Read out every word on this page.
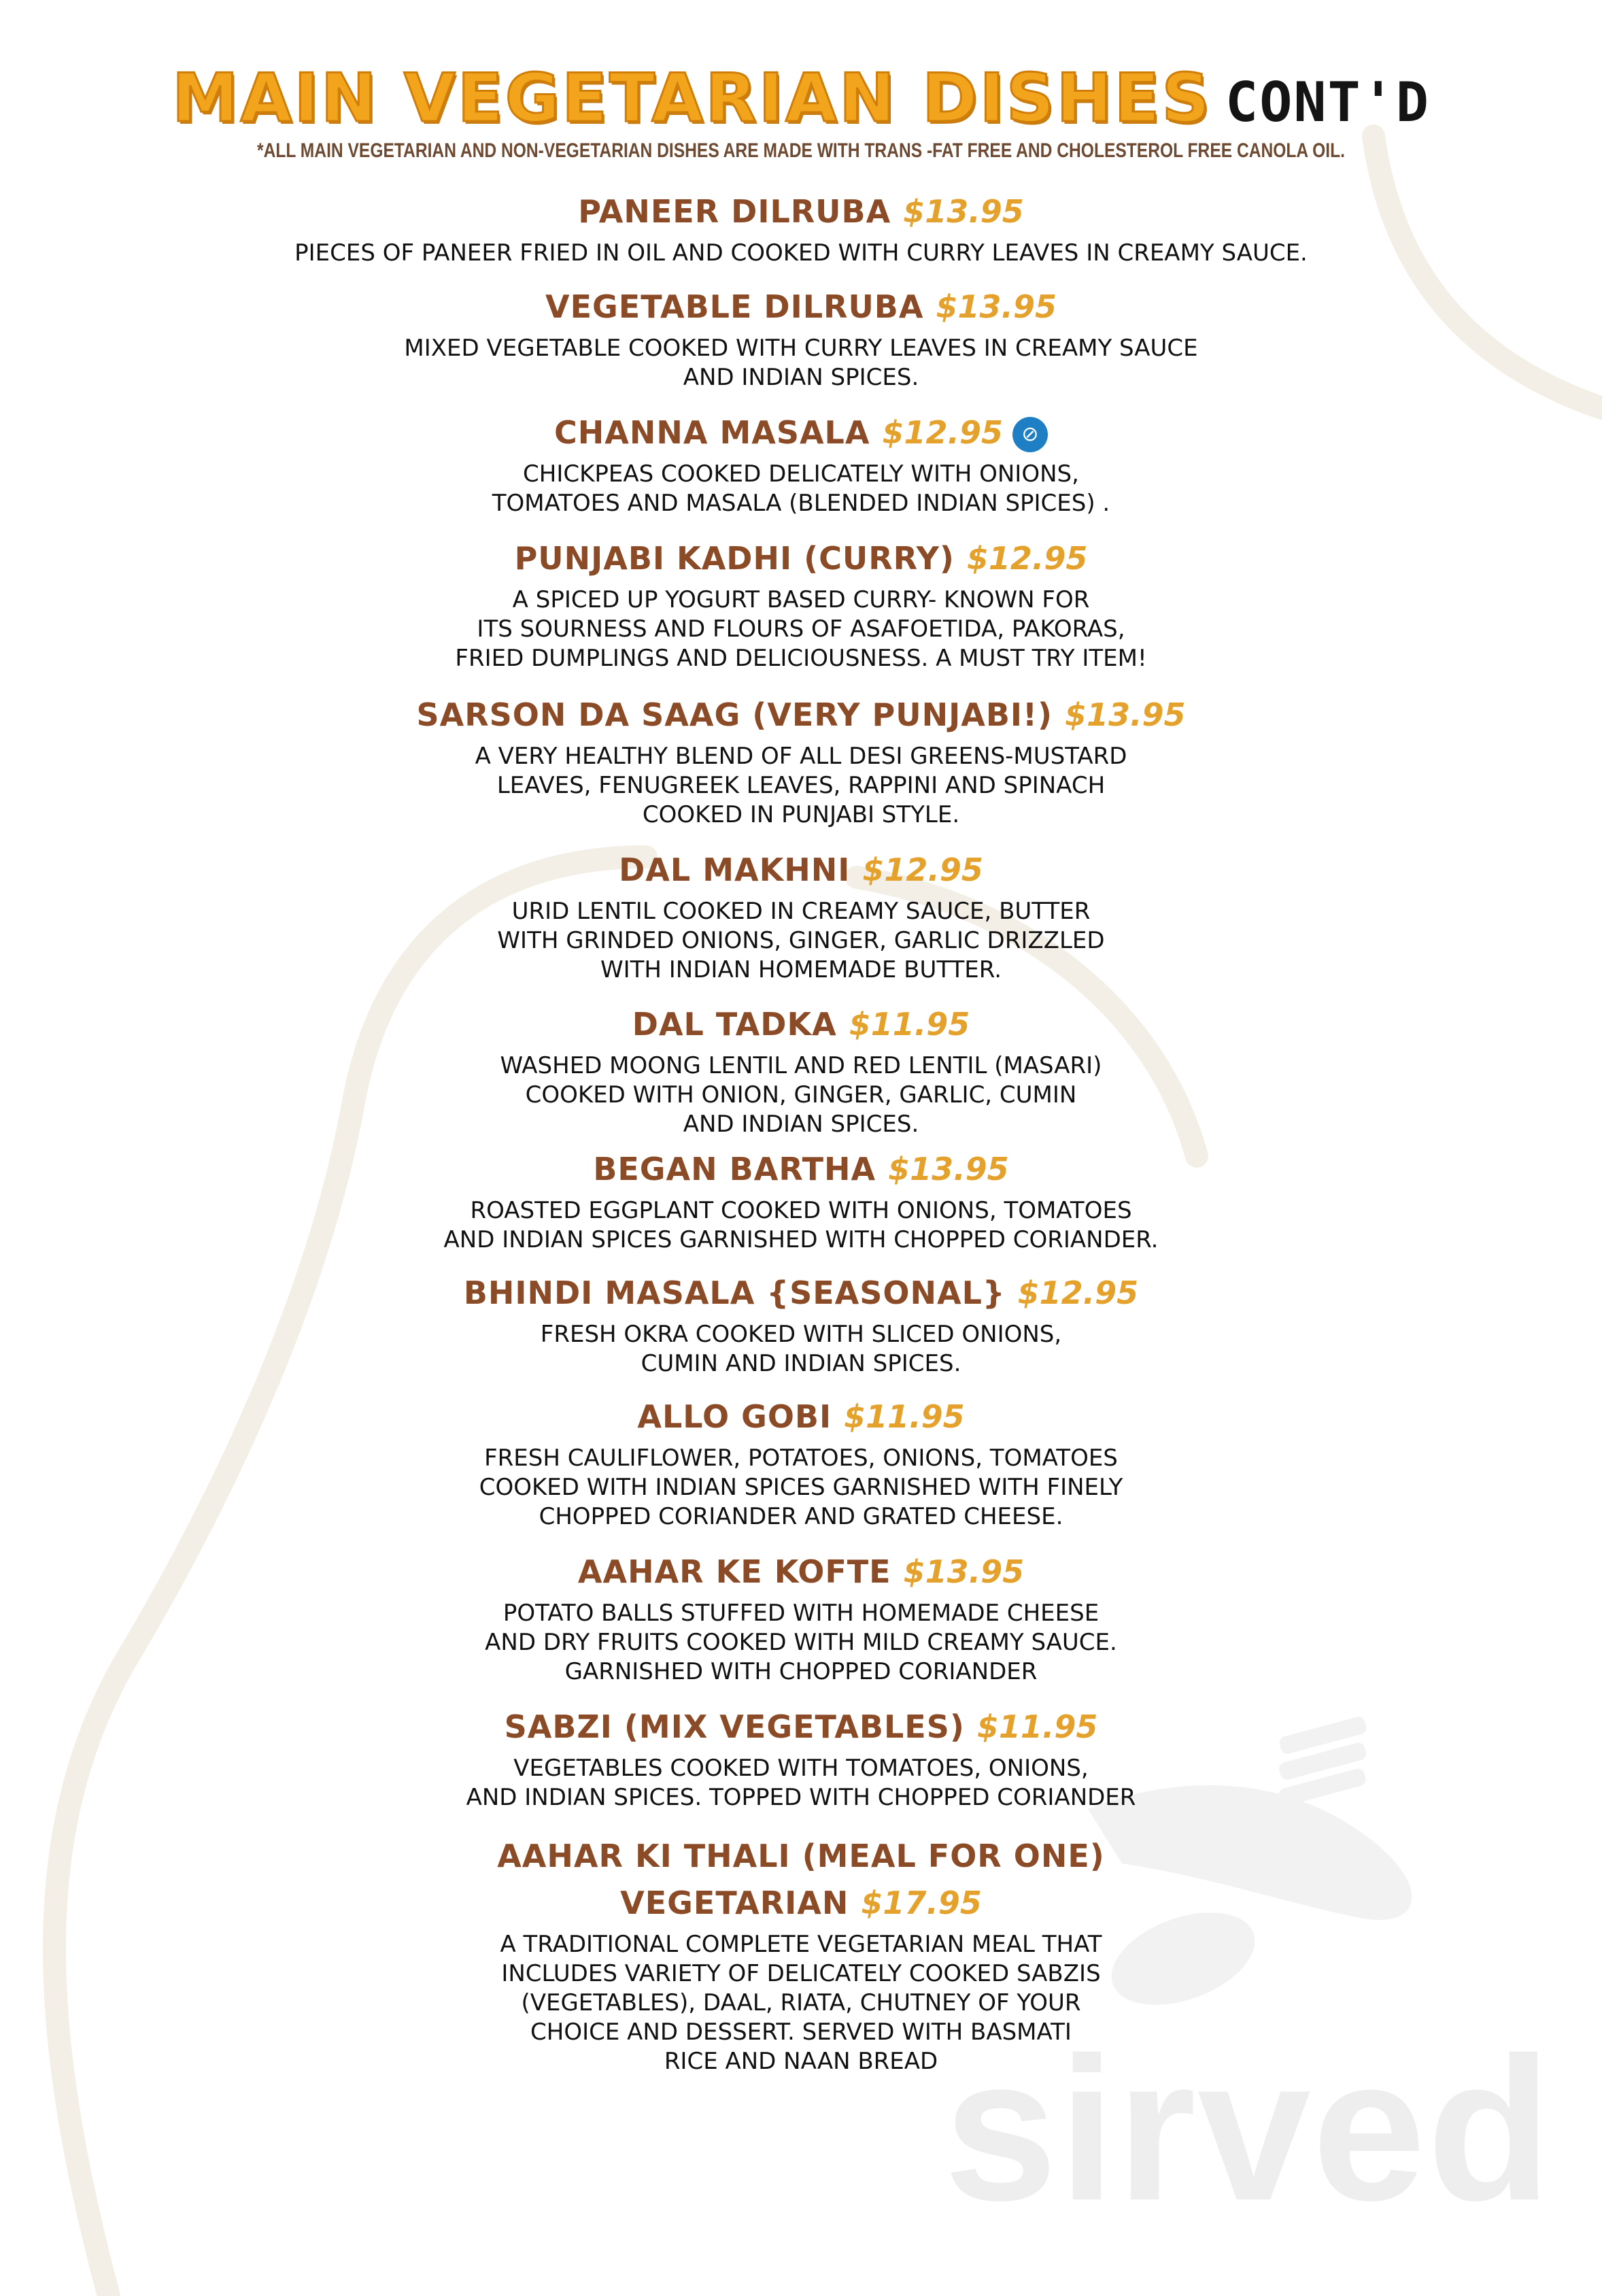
MAIN VEGETARIAN DISHES CONT'D
*ALL MAIN VEGETARIAN AND NON-VEGETARIAN DISHES ARE MADE WITH TRANS -FAT FREE AND CHOLESTEROL FREE CANOLA OIL.
PANEER DILRUBA $13.95
PIECES OF PANEER FRIED IN OIL AND COOKED WITH CURRY LEAVES IN CREAMY SAUCE.
VEGETABLE DILRUBA $13.95
MIXED VEGETABLE COOKED WITH CURRY LEAVES IN CREAMY SAUCE
AND INDIAN SPICES.
CHANNA MASALA $12.95 ⊘
CHICKPEAS COOKED DELICATELY WITH ONIONS,
TOMATOES AND MASALA (BLENDED INDIAN SPICES) .
PUNJABI KADHI (CURRY) $12.95
A SPICED UP YOGURT BASED CURRY- KNOWN FOR
ITS SOURNESS AND FLOURS OF ASAFOETIDA, PAKORAS,
FRIED DUMPLINGS AND DELICIOUSNESS. A MUST TRY ITEM!
SARSON DA SAAG (VERY PUNJABI!) $13.95
A VERY HEALTHY BLEND OF ALL DESI GREENS-MUSTARD
LEAVES, FENUGREEK LEAVES, RAPPINI AND SPINACH
COOKED IN PUNJABI STYLE.
DAL MAKHNI $12.95
URID LENTIL COOKED IN CREAMY SAUCE, BUTTER
WITH GRINDED ONIONS, GINGER, GARLIC DRIZZLED
WITH INDIAN HOMEMADE BUTTER.
DAL TADKA $11.95
WASHED MOONG LENTIL AND RED LENTIL (MASARI)
COOKED WITH ONION, GINGER, GARLIC, CUMIN
AND INDIAN SPICES.
BEGAN BARTHA $13.95
ROASTED EGGPLANT COOKED WITH ONIONS, TOMATOES
AND INDIAN SPICES GARNISHED WITH CHOPPED CORIANDER.
BHINDI MASALA {SEASONAL} $12.95
FRESH OKRA COOKED WITH SLICED ONIONS,
CUMIN AND INDIAN SPICES.
ALLO GOBI $11.95
FRESH CAULIFLOWER, POTATOES, ONIONS, TOMATOES
COOKED WITH INDIAN SPICES GARNISHED WITH FINELY
CHOPPED CORIANDER AND GRATED CHEESE.
AAHAR KE KOFTE $13.95
POTATO BALLS STUFFED WITH HOMEMADE CHEESE
AND DRY FRUITS COOKED WITH MILD CREAMY SAUCE.
GARNISHED WITH CHOPPED CORIANDER
SABZI (MIX VEGETABLES) $11.95
VEGETABLES COOKED WITH TOMATOES, ONIONS,
AND INDIAN SPICES. TOPPED WITH CHOPPED CORIANDER
AAHAR KI THALI (MEAL FOR ONE)
VEGETARIAN $17.95
A TRADITIONAL COMPLETE VEGETARIAN MEAL THAT
INCLUDES VARIETY OF DELICATELY COOKED SABZIS
(VEGETABLES), DAAL, RIATA, CHUTNEY OF YOUR
CHOICE AND DESSERT. SERVED WITH BASMATI
RICE AND NAAN BREAD sirved
